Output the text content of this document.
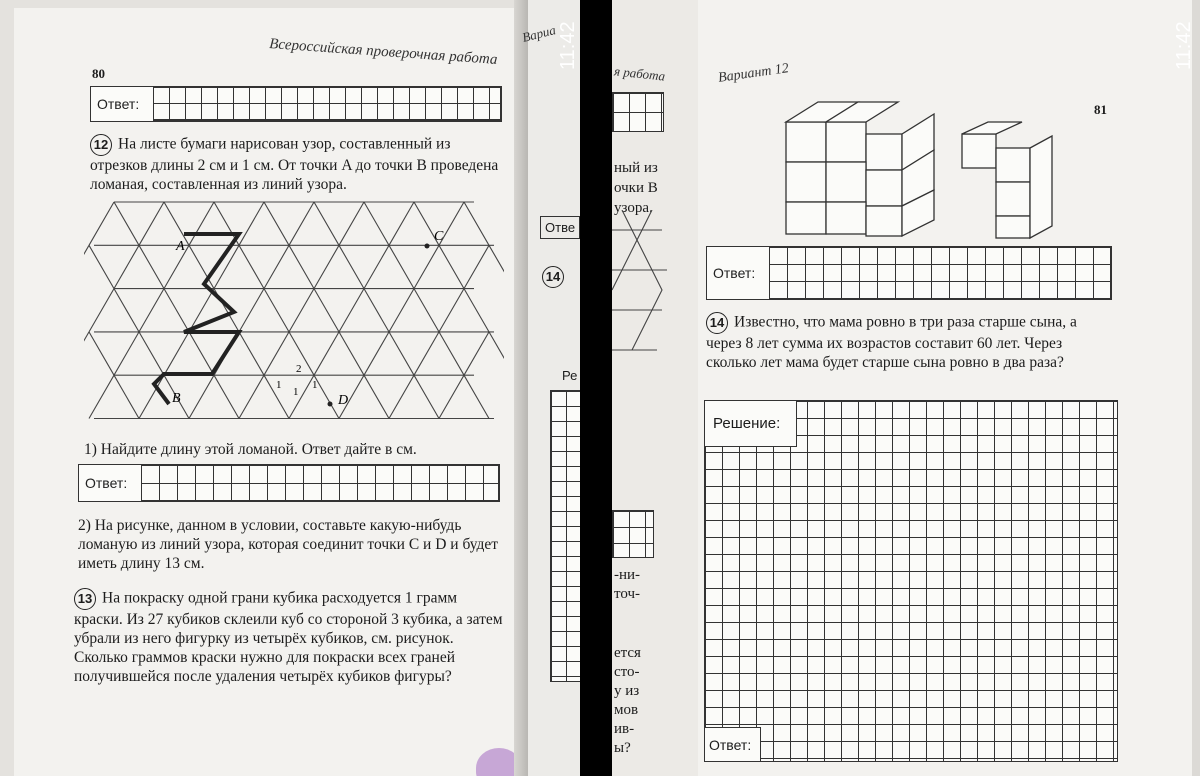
80
Всероссийская проверочная работа
Ответ:
12 На листе бумаги нарисован узор, составленный из отрезков длины 2 см и 1 см. От точки A до точки B проведена ломаная, составленная из линий узора.
A
B
C
D
2
1
1
1
1) Найдите длину этой ломаной. Ответ дайте в см.
Ответ:
2) На рисунке, данном в условии, составьте какую-нибудь ломаную из линий узора, которая соединит точки C и D и будет иметь длину 13 см.
13 На покраску одной грани кубика расходуется 1 грамм краски. Из 27 кубиков склеили куб со стороной 3 кубика, а затем убрали из него фигурку из четырёх кубиков, см. рисунок. Сколько граммов краски нужно для покраски всех граней получившейся после удаления четырёх кубиков фигуры?
Вариа
Отве
14
Ре
11:42
я работа
ный из
очки B
узора.
-ни-
точ-
ется
сто-
у из
мов
ив-
ы?
Вариант 12
81
Ответ:
14 Известно, что мама ровно в три раза старше сына, а через 8 лет сумма их возрастов составит 60 лет. Через сколько лет мама будет старше сына ровно в два раза?
Решение:
Ответ:
11:42
